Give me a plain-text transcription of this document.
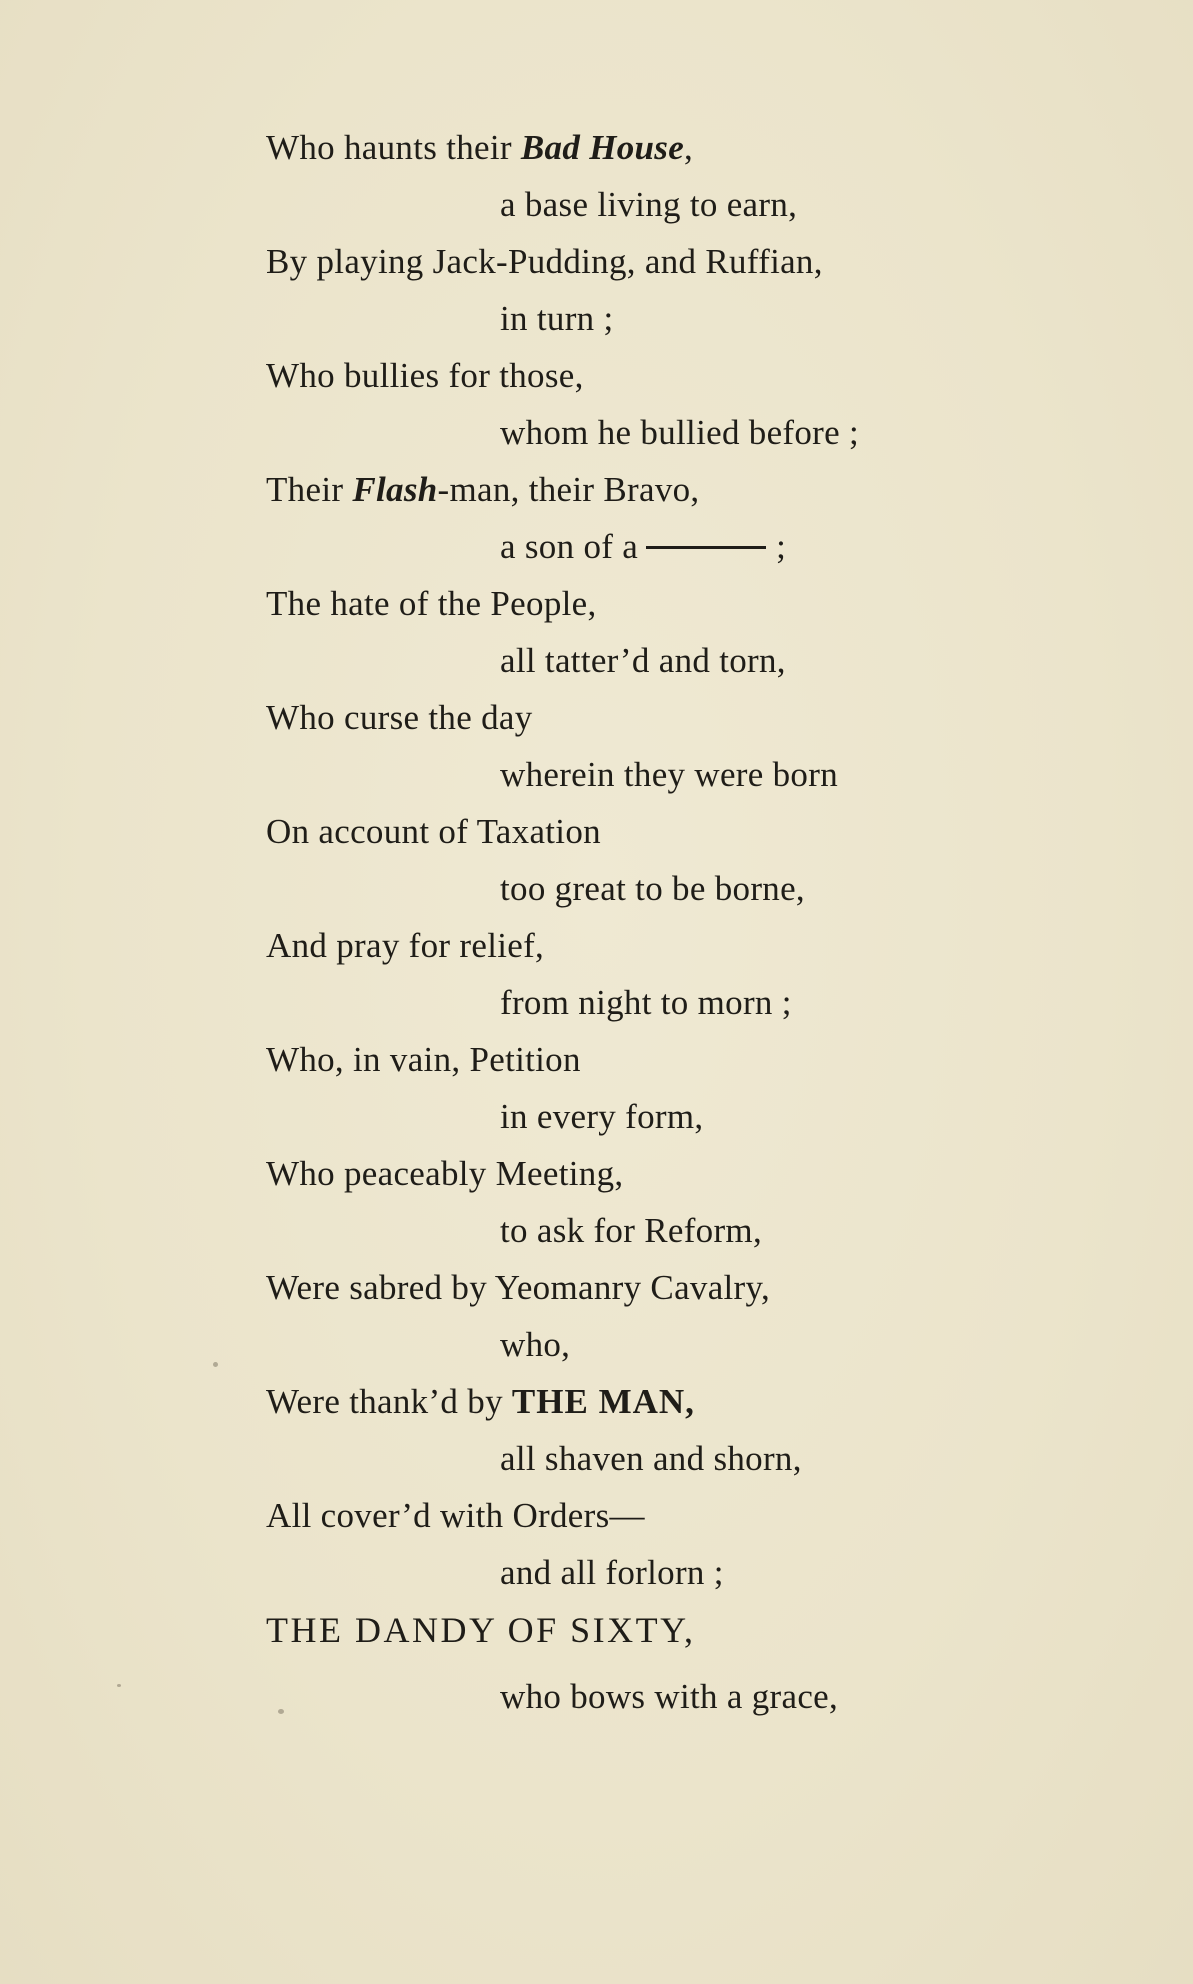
Who haunts their Bad House,
a base living to earn,
By playing Jack-Pudding, and Ruffian,
in turn ;
Who bullies for those,
whom he bullied before ;
Their Flash-man, their Bravo,
a son of a	;
The hate of the People,
all tatter’d and torn,
Who curse the day
wherein they were born
On account of Taxation
too great to be borne,
And pray for relief,
from night to morn ;
Who, in vain, Petition
in every form,
Who peaceably Meeting,
to ask for Reform,
Were sabred by Yeomanry Cavalry,
who,
Were thank’d by THE MAN,
all shaven and shorn,
All cover’d with Orders—
and all forlorn ;
THE DANDY OF SIXTY,
who bows with a grace,
